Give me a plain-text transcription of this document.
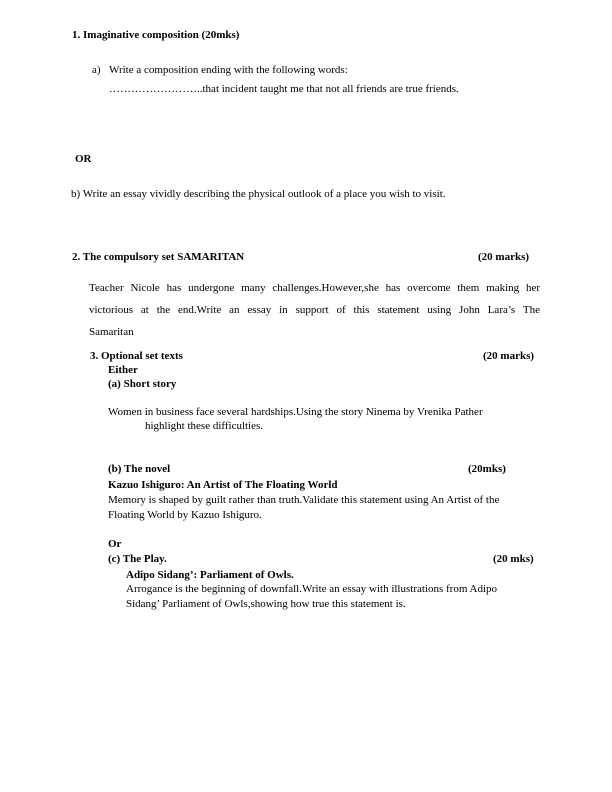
1. Imaginative composition (20mks)
a) Write a composition ending with the following words:
……………………..that incident taught me that not all friends are true friends.
OR
b) Write an essay vividly describing the physical outlook of a place you wish to visit.
2. The compulsory set SAMARITAN	(20 marks)
Teacher Nicole has undergone many challenges.However,she has overcome them making her
victorious at the end.Write an essay in support of this statement using John Lara’s The
Samaritan
3. Optional set texts	(20 marks)
Either
(a) Short story
Women in business face several hardships.Using the story Ninema by Vrenika Pather
highlight these difficulties.
(b) The novel	(20mks)
Kazuo Ishiguro: An Artist of The Floating World
Memory is shaped by guilt rather than truth.Validate this statement using An Artist of the
Floating World by Kazuo Ishiguro.
Or
(c) The Play.	(20 mks)
Adipo Sidang’: Parliament of Owls.
Arrogance is the beginning of downfall.Write an essay with illustrations from Adipo
Sidang’ Parliament of Owls,showing how true this statement is.
